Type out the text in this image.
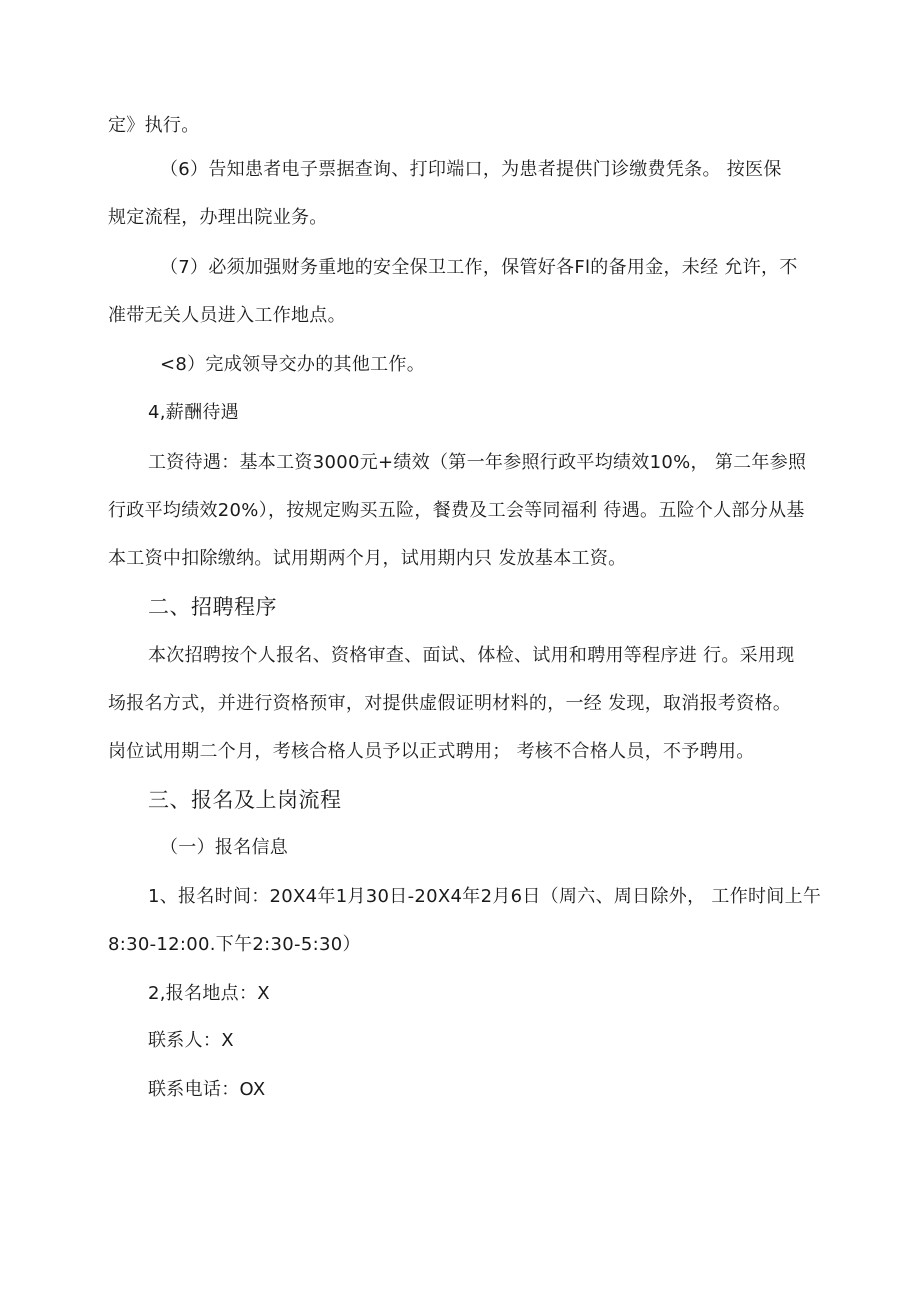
定》执行。
（6）告知患者电子票据查询、打印端口，为患者提供门诊缴费凭条。 按医保
规定流程，办理出院业务。
（7）必须加强财务重地的安全保卫工作，保管好各Fl的备用金，未经 允许，不
准带无关人员进入工作地点。
<8）完成领导交办的其他工作。
4,薪酬待遇
工资待遇：基本工资3000元+绩效（第一年参照行政平均绩效10%， 第二年参照
行政平均绩效20%），按规定购买五险，餐费及工会等同福利 待遇。五险个人部分从基
本工资中扣除缴纳。试用期两个月，试用期内只 发放基本工资。
二、招聘程序
本次招聘按个人报名、资格审查、面试、体检、试用和聘用等程序进 行。采用现
场报名方式，并进行资格预审，对提供虚假证明材料的，一经 发现，取消报考资格。
岗位试用期二个月，考核合格人员予以正式聘用； 考核不合格人员，不予聘用。
三、报名及上岗流程
（一）报名信息
1、报名时间：20X4年1月30日-20X4年2月6日（周六、周日除外， 工作时间上午
8:30-12:00.下午2:30-5:30）
2,报名地点：X
联系人：X
联系电话：OX
